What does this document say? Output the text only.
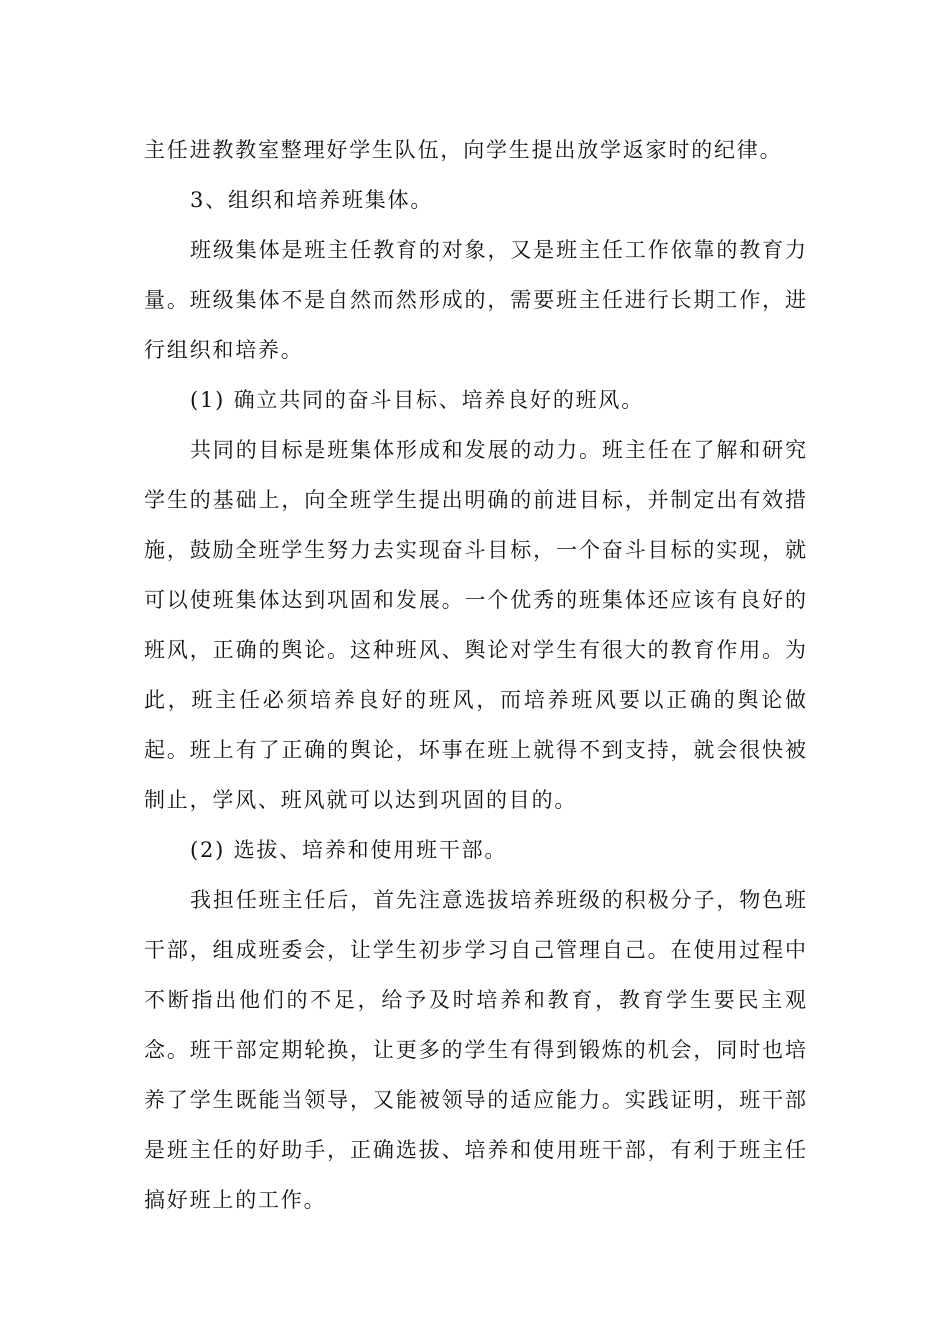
主任进教教室整理好学生队伍，向学生提出放学返家时的纪律。
3、组织和培养班集体。
班级集体是班主任教育的对象，又是班主任工作依靠的教育力
量。班级集体不是自然而然形成的，需要班主任进行长期工作，进
行组织和培养。
(1) 确立共同的奋斗目标、培养良好的班风。
共同的目标是班集体形成和发展的动力。班主任在了解和研究
学生的基础上，向全班学生提出明确的前进目标，并制定出有效措
施，鼓励全班学生努力去实现奋斗目标，一个奋斗目标的实现，就
可以使班集体达到巩固和发展。一个优秀的班集体还应该有良好的
班风，正确的舆论。这种班风、舆论对学生有很大的教育作用。为
此，班主任必须培养良好的班风，而培养班风要以正确的舆论做
起。班上有了正确的舆论，坏事在班上就得不到支持，就会很快被
制止，学风、班风就可以达到巩固的目的。
(2) 选拔、培养和使用班干部。
我担任班主任后，首先注意选拔培养班级的积极分子，物色班
干部，组成班委会，让学生初步学习自己管理自己。在使用过程中
不断指出他们的不足，给予及时培养和教育，教育学生要民主观
念。班干部定期轮换，让更多的学生有得到锻炼的机会，同时也培
养了学生既能当领导，又能被领导的适应能力。实践证明，班干部
是班主任的好助手，正确选拔、培养和使用班干部，有利于班主任
搞好班上的工作。
